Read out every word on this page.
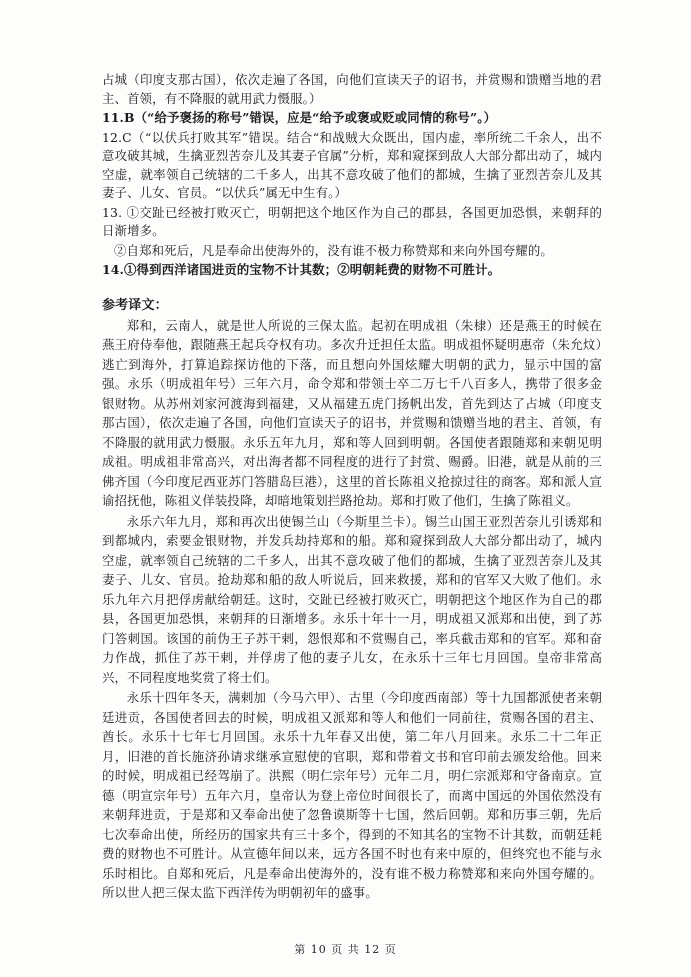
占城（印度支那古国），依次走遍了各国，向他们宣读天子的诏书，并赏赐和馈赠当地的君主、首领，有不降服的就用武力慑服。）

11.B（“给予褒扬的称号”错误，应是“给予或褒或贬或同情的称号”。）

12.C（“以伏兵打败其军”错误。结合“和战贼大众既出，国内虚，率所统二千余人，出不意攻破其城，生擒亚烈苦奈儿及其妻子官属”分析，郑和窥探到敌人大部分都出动了，城内空虚，就率领自己统辖的二千多人，出其不意攻破了他们的都城，生擒了亚烈苦奈儿及其妻子、儿女、官员。“以伏兵”属无中生有。）

13. ①交趾已经被打败灭亡，明朝把这个地区作为自己的郡县，各国更加恐惧，来朝拜的日渐增多。

②自郑和死后，凡是奉命出使海外的，没有谁不极力称赞郑和来向外国夸耀的。

14.①得到西洋诸国进贡的宝物不计其数；②明朝耗费的财物不可胜计。

参考译文：

郑和，云南人，就是世人所说的三保太监。起初在明成祖（朱棣）还是燕王的时候在燕王府侍奉他，跟随燕王起兵夺权有功。多次升迁担任太监。明成祖怀疑明惠帝（朱允炆）逃亡到海外，打算追踪探访他的下落，而且想向外国炫耀大明朝的武力，显示中国的富强。永乐（明成祖年号）三年六月，命令郑和带领士卒二万七千八百多人，携带了很多金银财物。从苏州刘家河渡海到福建，又从福建五虎门扬帆出发，首先到达了占城（印度支那古国），依次走遍了各国，向他们宣读天子的诏书，并赏赐和馈赠当地的君主、首领，有不降服的就用武力慑服。永乐五年九月，郑和等人回到明朝。各国使者跟随郑和来朝见明成祖。明成祖非常高兴，对出海者都不同程度的进行了封赏、赐爵。旧港，就是从前的三佛齐国（今印度尼西亚苏门答腊岛巨港），这里的首长陈祖义抢掠过往的商客。郑和派人宣谕招抚他，陈祖义佯装投降，却暗地策划拦路抢劫。郑和打败了他们，生擒了陈祖义。

永乐六年九月，郑和再次出使锡兰山（今斯里兰卡）。锡兰山国王亚烈苦奈儿引诱郑和到都城内，索要金银财物，并发兵劫持郑和的船。郑和窥探到敌人大部分都出动了，城内空虚，就率领自己统辖的二千多人，出其不意攻破了他们的都城，生擒了亚烈苦奈儿及其妻子、儿女、官员。抢劫郑和船的敌人听说后，回来救援，郑和的官军又大败了他们。永乐九年六月把俘虏献给朝廷。这时，交趾已经被打败灭亡，明朝把这个地区作为自己的郡县，各国更加恐惧，来朝拜的日渐增多。永乐十年十一月，明成祖又派郑和出使，到了苏门答刺国。该国的前伪王子苏干剌，怨恨郑和不赏赐自己，率兵截击郑和的官军。郑和奋力作战，抓住了苏干剌，并俘虏了他的妻子儿女，在永乐十三年七月回国。皇帝非常高兴，不同程度地奖赏了将士们。

永乐十四年冬天，满剌加（今马六甲）、古里（今印度西南部）等十九国都派使者来朝廷进贡，各国使者回去的时候，明成祖又派郑和等人和他们一同前往，赏赐各国的君主、酋长。永乐十七年七月回国。永乐十九年春又出使，第二年八月回来。永乐二十二年正月，旧港的首长施济孙请求继承宣慰使的官职，郑和带着文书和官印前去颁发给他。回来的时候，明成祖已经驾崩了。洪熙（明仁宗年号）元年二月，明仁宗派郑和守备南京。宣德（明宣宗年号）五年六月，皇帝认为登上帝位时间很长了，而离中国远的外国依然没有来朝拜进贡，于是郑和又奉命出使了忽鲁谟斯等十七国，然后回朝。郑和历事三朝，先后七次奉命出使，所经历的国家共有三十多个，得到的不知其名的宝物不计其数，而朝廷耗费的财物也不可胜计。从宣德年间以来，远方各国不时也有来中原的，但终究也不能与永乐时相比。自郑和死后，凡是奉命出使海外的，没有谁不极力称赞郑和来向外国夸耀的。所以世人把三保太监下西洋传为明朝初年的盛事。

第 10 页 共 12 页
